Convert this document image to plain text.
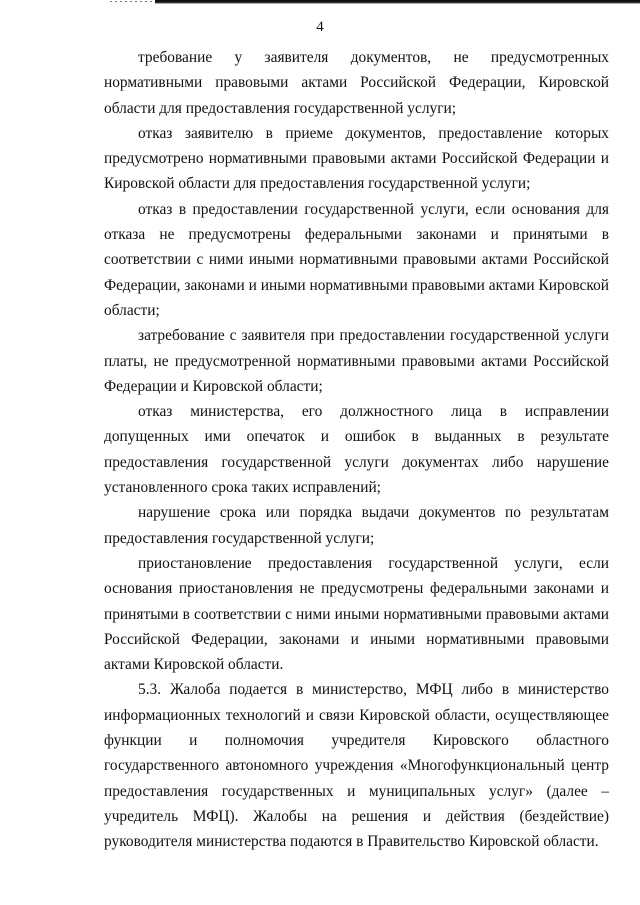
4

требование у заявителя документов, не предусмотренных нормативными правовыми актами Российской Федерации, Кировской области для предоставления государственной услуги;

отказ заявителю в приеме документов, предоставление которых предусмотрено нормативными правовыми актами Российской Федерации и Кировской области для предоставления государственной услуги;

отказ в предоставлении государственной услуги, если основания для отказа не предусмотрены федеральными законами и принятыми в соответствии с ними иными нормативными правовыми актами Российской Федерации, законами и иными нормативными правовыми актами Кировской области;

затребование с заявителя при предоставлении государственной услуги платы, не предусмотренной нормативными правовыми актами Российской Федерации и Кировской области;

отказ министерства, его должностного лица в исправлении допущенных ими опечаток и ошибок в выданных в результате предоставления государственной услуги документах либо нарушение установленного срока таких исправлений;

нарушение срока или порядка выдачи документов по результатам предоставления государственной услуги;

приостановление предоставления государственной услуги, если основания приостановления не предусмотрены федеральными законами и принятыми в соответствии с ними иными нормативными правовыми актами Российской Федерации, законами и иными нормативными правовыми актами Кировской области.

5.3. Жалоба подается в министерство, МФЦ либо в министерство информационных технологий и связи Кировской области, осуществляющее функции и полномочия учредителя Кировского областного государственного автономного учреждения «Многофункциональный центр предоставления государственных и муниципальных услуг» (далее – учредитель МФЦ). Жалобы на решения и действия (бездействие) руководителя министерства подаются в Правительство Кировской области.
